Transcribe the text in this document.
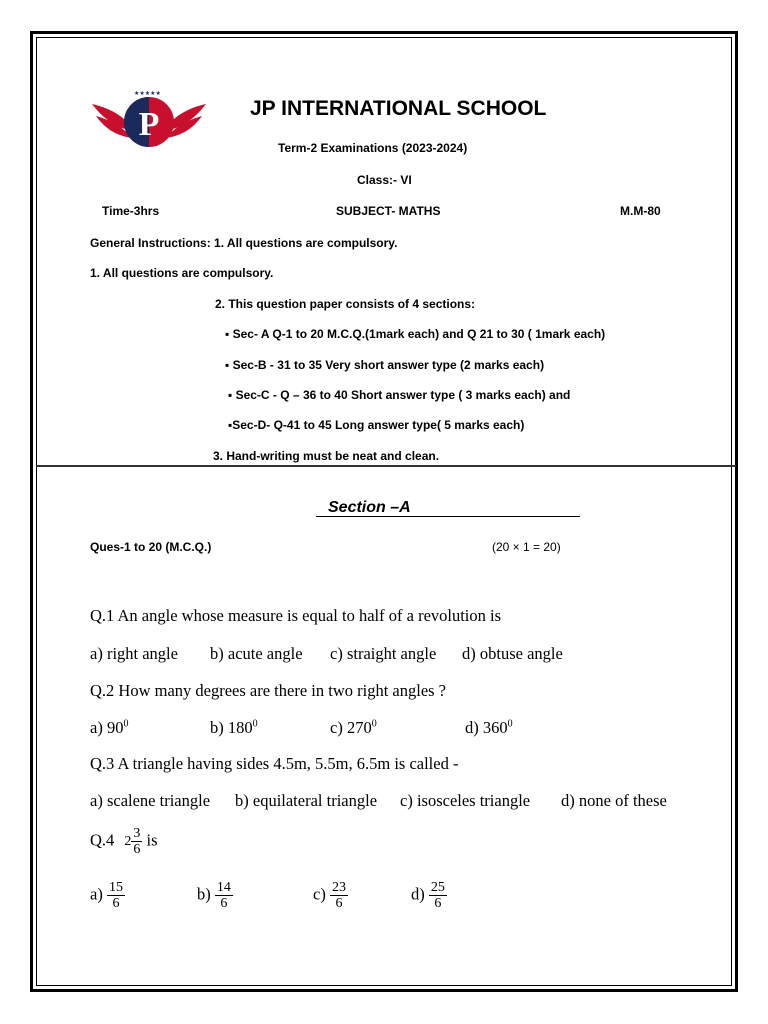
P
★★★★★
JP INTERNATIONAL SCHOOL
Term-2 Examinations (2023-2024)
Class:- VI
Time-3hrs	SUBJECT- MATHS	M.M-80
General Instructions: 1. All questions are compulsory.
1. All questions are compulsory.
2. This question paper consists of 4 sections:
▪ Sec- A Q-1 to 20 M.C.Q.(1mark each) and Q 21 to 30 ( 1mark each)
▪ Sec-B - 31 to 35 Very short answer type (2 marks each)
▪ Sec-C - Q – 36 to 40 Short answer type ( 3 marks each) and
▪Sec-D- Q-41 to 45 Long answer type( 5 marks each)
3. Hand-writing must be neat and clean.
Section –A
Ques-1 to 20 (M.C.Q.)	(20 × 1 = 20)
Q.1 An angle whose measure is equal to half of a revolution is
a) right angle b) acute angle c) straight angle d) obtuse angle
Q.2 How many degrees are there in two right angles ?
a) $90^0$	b) $180^0$	c) $270^0$	d) $360^0$
Q.3 A triangle having sides 4.5m, 5.5m, 6.5m is called -
a) scalene triangle b) equilateral triangle c) isosceles triangle d) none of these
Q.4 $2 \frac{3}{6}$ is
$a) \frac{15}{6}$	$b) \frac{14}{6}$	$c) \frac{23}{6}$	$d) \frac{25}{6}$
